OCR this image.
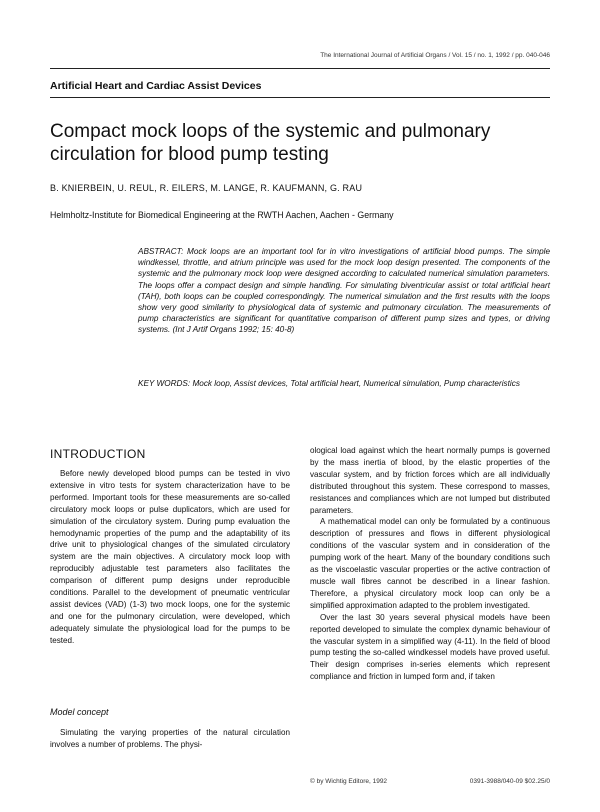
The International Journal of Artificial Organs / Vol. 15 / no. 1, 1992 / pp. 040-046
Artificial Heart and Cardiac Assist Devices
Compact mock loops of the systemic and pulmonary circulation for blood pump testing
B. KNIERBEIN, U. REUL, R. EILERS, M. LANGE, R. KAUFMANN, G. RAU
Helmholtz-Institute for Biomedical Engineering at the RWTH Aachen, Aachen - Germany

ABSTRACT: Mock loops are an important tool for in vitro investigations of artificial blood pumps. The simple windkessel, throttle, and atrium principle was used for the mock loop design presented. The components of the systemic and the pulmonary mock loop were designed according to calculated numerical simulation parameters. The loops offer a compact design and simple handling. For simulating biventricular assist or total artificial heart (TAH), both loops can be coupled correspondingly. The numerical simulation and the first results with the loops show very good similarity to physiological data of systemic and pulmonary circulation. The measurements of pump characteristics are significant for quantitative comparison of different pump sizes and types, or driving systems. (Int J Artif Organs 1992; 15: 40-8)

KEY WORDS: Mock loop, Assist devices, Total artificial heart, Numerical simulation, Pump characteristics

INTRODUCTION

Before newly developed blood pumps can be tested in vivo extensive in vitro tests for system characterization have to be performed. Important tools for these measurements are so-called circulatory mock loops or pulse duplicators, which are used for simulation of the circulatory system. During pump evaluation the hemodynamic properties of the pump and the adaptability of its drive unit to physiological changes of the simulated circulatory system are the main objectives. A circulatory mock loop with reproducibly adjustable test parameters also facilitates the comparison of different pump designs under reproducible conditions. Parallel to the development of pneumatic ventricular assist devices (VAD) (1-3) two mock loops, one for the systemic and one for the pulmonary circulation, were developed, which adequately simulate the physiological load for the pumps to be tested.

Model concept

Simulating the varying properties of the natural circulation involves a number of problems. The physi-

ological load against which the heart normally pumps is governed by the mass inertia of blood, by the elastic properties of the vascular system, and by friction forces which are all individually distributed throughout this system. These correspond to masses, resistances and compliances which are not lumped but distributed parameters.

A mathematical model can only be formulated by a continuous description of pressures and flows in different physiological conditions of the vascular system and in consideration of the pumping work of the heart. Many of the boundary conditions such as the viscoelastic vascular properties or the active contraction of muscle wall fibres cannot be described in a linear fashion. Therefore, a physical circulatory mock loop can only be a simplified approximation adapted to the problem investigated.

Over the last 30 years several physical models have been reported developed to simulate the complex dynamic behaviour of the vascular system in a simplified way (4-11). In the field of blood pump testing the so-called windkessel models have proved useful. Their design comprises in-series elements which represent compliance and friction in lumped form and, if taken

© by Wichtig Editore, 1992	0391-3988/040-09 $02.25/0
